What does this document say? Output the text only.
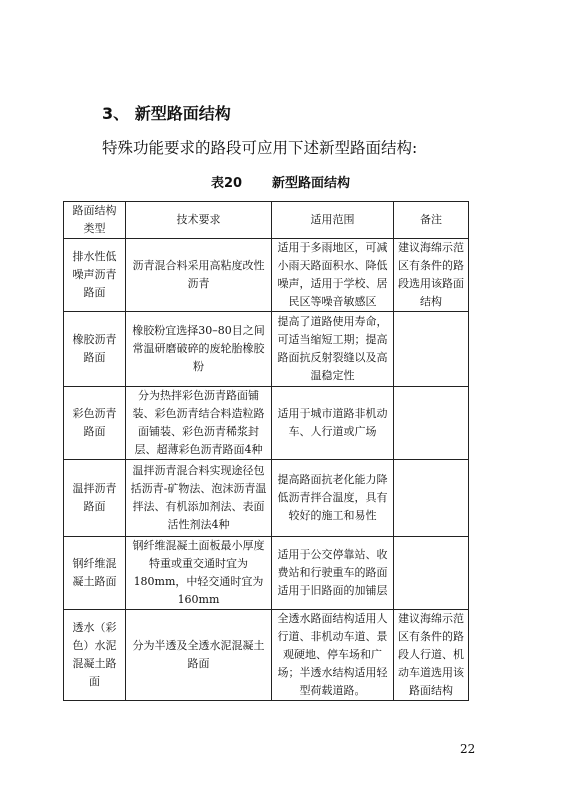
3、 新型路面结构
特殊功能要求的路段可应用下述新型路面结构:
表20 新型路面结构
路面结构类型	技术要求	适用范围	备注
排水性低噪声沥青路面	沥青混合料采用高粘度改性沥青	适用于多雨地区，可减小雨天路面积水、降低噪声，适用于学校、居民区等噪音敏感区	建议海绵示范区有条件的路段选用该路面结构
橡胶沥青路面	橡胶粉宜选择30–80目之间常温研磨破碎的废轮胎橡胶粉	提高了道路使用寿命，可适当缩短工期；提高路面抗反射裂缝以及高温稳定性	
彩色沥青路面	分为热拌彩色沥青路面铺装、彩色沥青结合料造粒路面铺装、彩色沥青稀浆封层、超薄彩色沥青路面4种	适用于城市道路非机动车、人行道或广场	
温拌沥青路面	温拌沥青混合料实现途径包括沥青-矿物法、泡沫沥青温拌法、有机添加剂法、表面活性剂法4种	提高路面抗老化能力降低沥青拌合温度，具有较好的施工和易性	
钢纤维混凝土路面	钢纤维混凝土面板最小厚度特重或重交通时宜为180mm，中轻交通时宜为160mm	适用于公交停靠站、收费站和行驶重车的路面适用于旧路面的加铺层	
透水（彩色）水泥混凝土路面	分为半透及全透水泥混凝土路面	全透水路面结构适用人行道、非机动车道、景观硬地、停车场和广场；半透水结构适用轻型荷载道路。	建议海绵示范区有条件的路段人行道、机动车道选用该路面结构
22
